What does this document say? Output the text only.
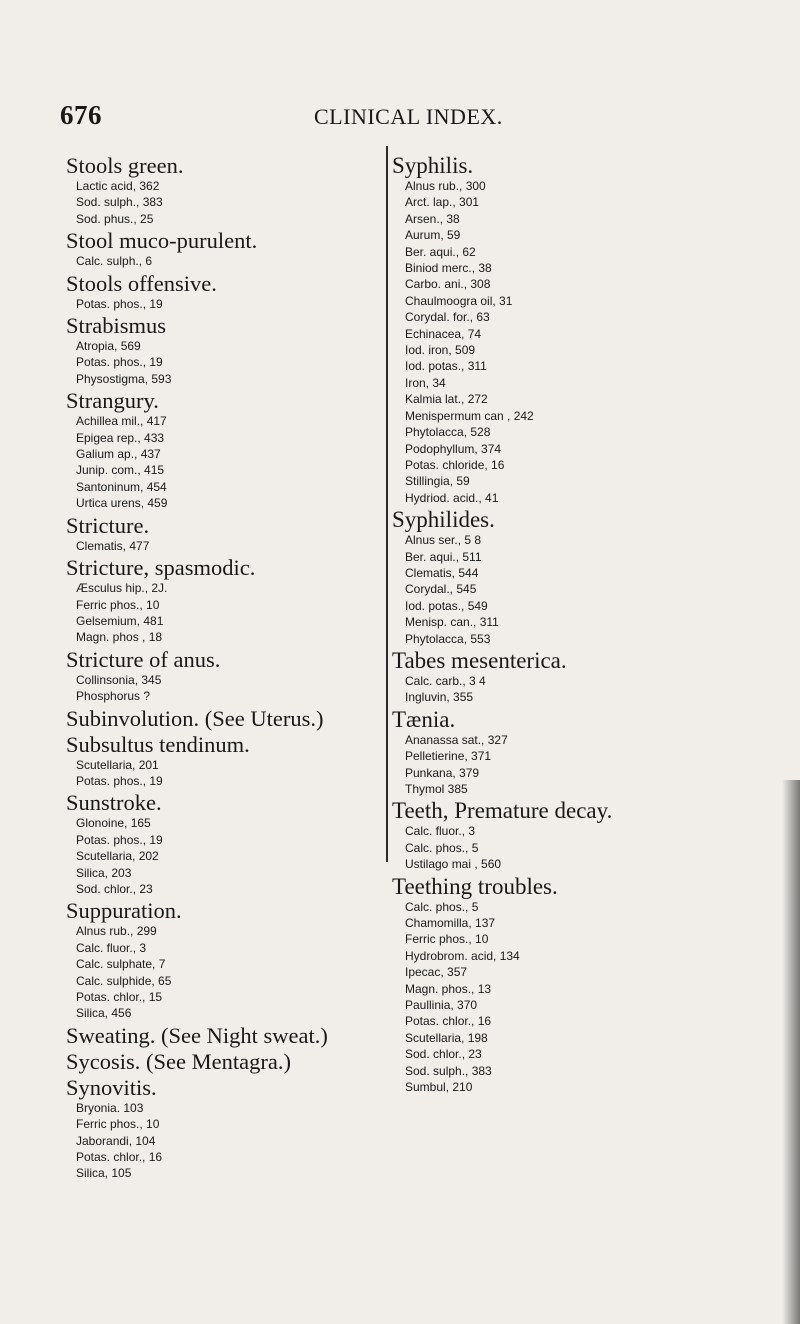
676	CLINICAL INDEX.
Stools green.
Lactic acid, 362
Sod. sulph., 383
Sod. phus., 25
Stool muco-purulent.
Calc. sulph., 6
Stools offensive.
Potas. phos., 19
Strabismus
Atropia, 569
Potas. phos., 19
Physostigma, 593
Strangury.
Achillea mil., 417
Epigea rep., 433
Galium ap., 437
Junip. com., 415
Santoninum, 454
Urtica urens, 459
Stricture.
Clematis, 477
Stricture, spasmodic.
Æsculus hip., 2J.
Ferric phos., 10
Gelsemium, 481
Magn. phos , 18
Stricture of anus.
Collinsonia, 345
Phosphorus ?
Subinvolution. (See Uterus.)
Subsultus tendinum.
Scutellaria, 201
Potas. phos., 19
Sunstroke.
Glonoine, 165
Potas. phos., 19
Scutellaria, 202
Silica, 203
Sod. chlor., 23
Suppuration.
Alnus rub., 299
Calc. fluor., 3
Calc. sulphate, 7
Calc. sulphide, 65
Potas. chlor., 15
Silica, 456
Sweating. (See Night sweat.)
Sycosis. (See Mentagra.)
Synovitis.
Bryonia. 103
Ferric phos., 10
Jaborandi, 104
Potas. chlor., 16
Silica, 105
Syphilis.
Alnus rub., 300
Arct. lap., 301
Arsen., 38
Aurum, 59
Ber. aqui., 62
Biniod merc., 38
Carbo. ani., 308
Chaulmoogra oil, 31
Corydal. for., 63
Echinacea, 74
Iod. iron, 509
Iod. potas., 311
Iron, 34
Kalmia lat., 272
Menispermum can , 242
Phytolacca, 528
Podophyllum, 374
Potas. chloride, 16
Stillingia, 59
Hydriod. acid., 41
Syphilides.
Alnus ser., 5 8
Ber. aqui., 511
Clematis, 544
Corydal., 545
Iod. potas., 549
Menisp. can., 311
Phytolacca, 553
Tabes mesenterica.
Calc. carb., 3 4
Ingluvin, 355
Tænia.
Ananassa sat., 327
Pelletierine, 371
Punkana, 379
Thymol 385
Teeth, Premature decay.
Calc. fluor., 3
Calc. phos., 5
Ustilago mai , 560
Teething troubles.
Calc. phos., 5
Chamomilla, 137
Ferric phos., 10
Hydrobrom. acid, 134
Ipecac, 357
Magn. phos., 13
Paullinia, 370
Potas. chlor., 16
Scutellaria, 198
Sod. chlor., 23
Sod. sulph., 383
Sumbul, 210
